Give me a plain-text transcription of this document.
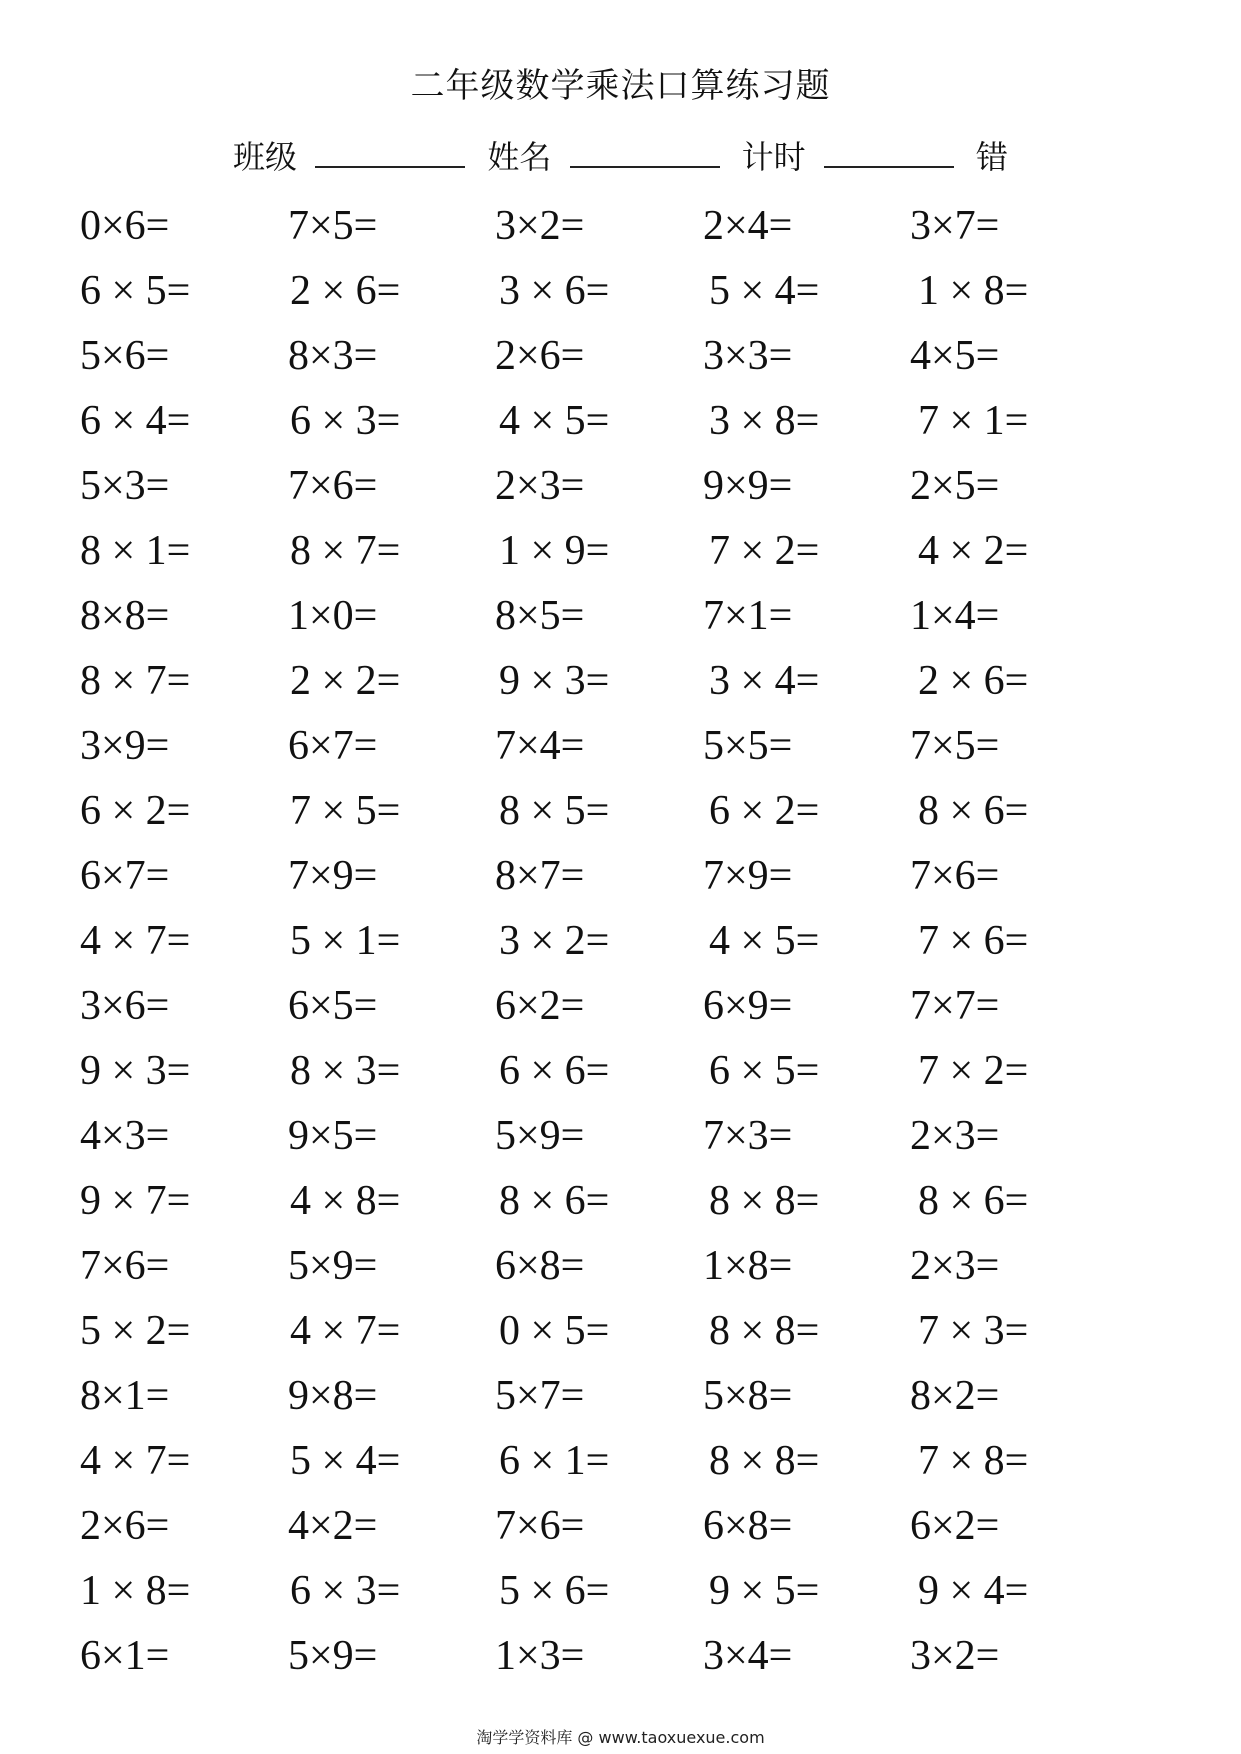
二年级数学乘法口算练习题
班级	姓名	计时	错
0×6=	7×5=	3×2=	2×4=	3×7=
6 × 5= 2 × 6= 3 × 6= 5 × 4= 1 × 8=
5×6=	8×3=	2×6=	3×3=	4×5=
6 × 4= 6 × 3= 4 × 5= 3 × 8= 7 × 1=
5×3=	7×6=	2×3=	9×9=	2×5=
8 × 1= 8 × 7= 1 × 9= 7 × 2= 4 × 2=
8×8=	1×0=	8×5=	7×1=	1×4=
8 × 7= 2 × 2= 9 × 3= 3 × 4= 2 × 6=
3×9=	6×7=	7×4=	5×5=	7×5=
6 × 2= 7 × 5= 8 × 5= 6 × 2= 8 × 6=
6×7=	7×9=	8×7=	7×9=	7×6=
4 × 7= 5 × 1= 3 × 2= 4 × 5= 7 × 6=
3×6=	6×5=	6×2=	6×9=	7×7=
9 × 3= 8 × 3= 6 × 6= 6 × 5= 7 × 2=
4×3=	9×5=	5×9=	7×3=	2×3=
9 × 7= 4 × 8= 8 × 6= 8 × 8= 8 × 6=
7×6=	5×9=	6×8=	1×8=	2×3=
5 × 2= 4 × 7= 0 × 5= 8 × 8= 7 × 3=
8×1=	9×8=	5×7=	5×8=	8×2=
4 × 7= 5 × 4= 6 × 1= 8 × 8= 7 × 8=
2×6=	4×2=	7×6=	6×8=	6×2=
1 × 8= 6 × 3= 5 × 6= 9 × 5= 9 × 4=
6×1=	5×9=	1×3=	3×4=	3×2=
淘学学资料库 @ www.taoxuexue.com
